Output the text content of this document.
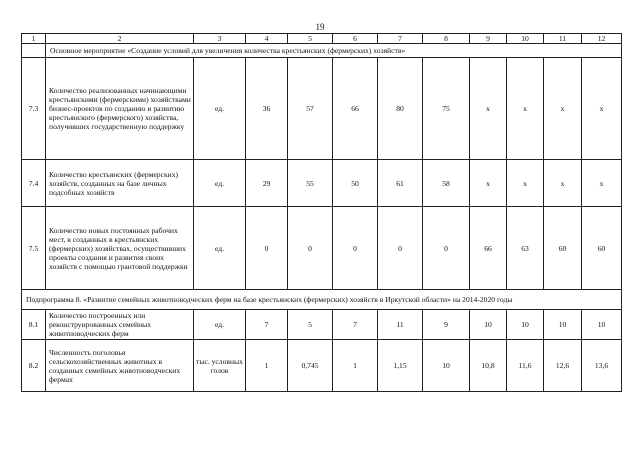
19
1	2	3	4	5	6	7	8	9	10	11	12
	Основное мероприятие «Создание условий для увеличения количества крестьянских (фермерских) хозяйств»										
7.3	Количество реализованных начинающими крестьянскими (фермерскими) хозяйствами бизнес-проектов по созданию и развитию крестьянского (фермерского) хозяйства, получивших государственную поддержку	ед.	36	57	66	80	75	x	x	x	x
7.4	Количество крестьянских (фермерских) хозяйств, созданных на базе личных подсобных хозяйств	ед.	29	55	50	61	58	x	x	x	x
7.5	Количество новых постоянных рабочих мест, в созданных в крестьянских (фермерских) хозяйствах, осуществивших проекты создания и развития своих хозяйств с помощью грантовой поддержки	ед.	0	0	0	0	0	66	63	60	60
Подпрограмма 8. «Развитие семейных животноводческих ферм на базе крестьянских (фермерских) хозяйств в Иркутской области» на 2014-2020 годы											
8.1	Количество построенных или реконструированных семейных животноводческих ферм	ед.	7	5	7	11	9	10	10	10	10
8.2	Численность поголовья сельскохозяйственных животных в созданных семейных животноводческих фермах	тыс. условных голов	1	0,745	1	1,15	10	10,8	11,6	12,6	13,6
